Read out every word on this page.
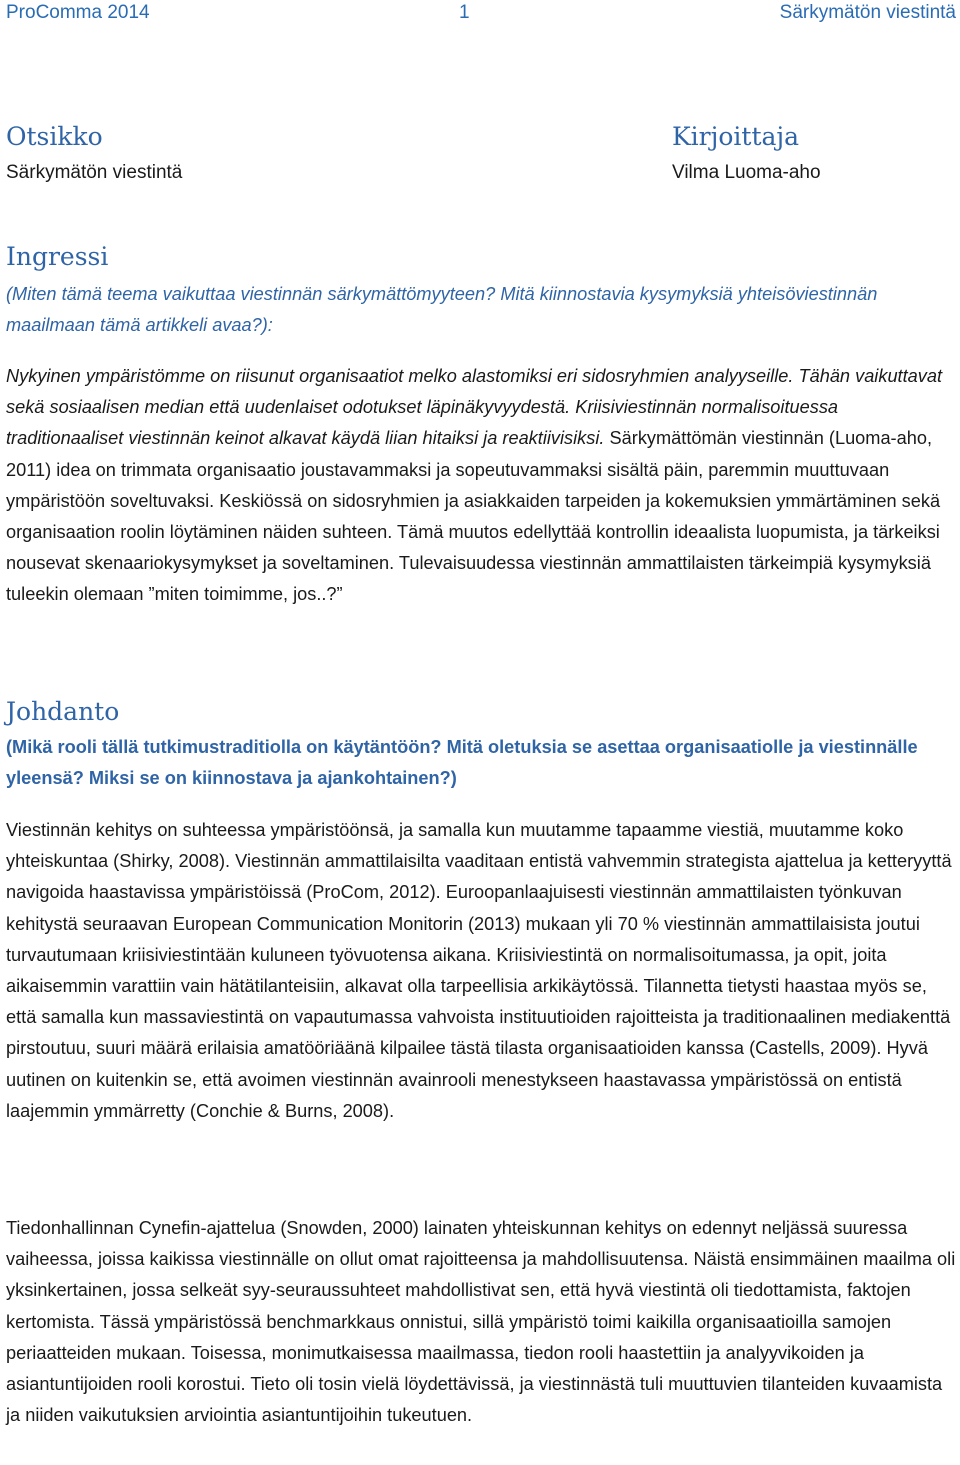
ProComma 2014	1	Särkymätön viestintä
Otsikko
Särkymätön viestintä
Kirjoittaja
Vilma Luoma-aho
Ingressi

(Miten tämä teema vaikuttaa viestinnän särkymättömyyteen? Mitä kiinnostavia kysymyksiä yhteisöviestinnän maailmaan tämä artikkeli avaa?):

Nykyinen ympäristömme on riisunut organisaatiot melko alastomiksi eri sidosryhmien analyyseille. Tähän vaikuttavat sekä sosiaalisen median että uudenlaiset odotukset läpinäkyvyydestä. Kriisiviestinnän normalisoituessa traditionaaliset viestinnän keinot alkavat käydä liian hitaiksi ja reaktiivisiksi. Särkymättömän viestinnän (Luoma-aho, 2011) idea on trimmata organisaatio joustavammaksi ja sopeutuvammaksi sisältä päin, paremmin muuttuvaan ympäristöön soveltuvaksi. Keskiössä on sidosryhmien ja asiakkaiden tarpeiden ja kokemuksien ymmärtäminen sekä organisaation roolin löytäminen näiden suhteen. Tämä muutos edellyttää kontrollin ideaalista luopumista, ja tärkeiksi nousevat skenaariokysymykset ja soveltaminen. Tulevaisuudessa viestinnän ammattilaisten tärkeimpiä kysymyksiä tuleekin olemaan ”miten toimimme, jos..?”

Johdanto

(Mikä rooli tällä tutkimustraditiolla on käytäntöön? Mitä oletuksia se asettaa organisaatiolle ja viestinnälle yleensä? Miksi se on kiinnostava ja ajankohtainen?)

Viestinnän kehitys on suhteessa ympäristöönsä, ja samalla kun muutamme tapaamme viestiä, muutamme koko yhteiskuntaa (Shirky, 2008). Viestinnän ammattilaisilta vaaditaan entistä vahvemmin strategista ajattelua ja ketteryyttä navigoida haastavissa ympäristöissä (ProCom, 2012). Euroopanlaajuisesti viestinnän ammattilaisten työnkuvan kehitystä seuraavan European Communication Monitorin (2013) mukaan yli 70 % viestinnän ammattilaisista joutui turvautumaan kriisiviestintään kuluneen työvuotensa aikana. Kriisiviestintä on normalisoitumassa, ja opit, joita aikaisemmin varattiin vain hätätilanteisiin, alkavat olla tarpeellisia arkikäytössä. Tilannetta tietysti haastaa myös se, että samalla kun massaviestintä on vapautumassa vahvoista instituutioiden rajoitteista ja traditionaalinen mediakenttä pirstoutuu, suuri määrä erilaisia amatööriäänä kilpailee tästä tilasta organisaatioiden kanssa (Castells, 2009). Hyvä uutinen on kuitenkin se, että avoimen viestinnän avainrooli menestykseen haastavassa ympäristössä on entistä laajemmin ymmärretty (Conchie & Burns, 2008).

Tiedonhallinnan Cynefin-ajattelua (Snowden, 2000) lainaten yhteiskunnan kehitys on edennyt neljässä suuressa vaiheessa, joissa kaikissa viestinnälle on ollut omat rajoitteensa ja mahdollisuutensa. Näistä ensimmäinen maailma oli yksinkertainen, jossa selkeät syy-seuraussuhteet mahdollistivat sen, että hyvä viestintä oli tiedottamista, faktojen kertomista. Tässä ympäristössä benchmarkkaus onnistui, sillä ympäristö toimi kaikilla organisaatioilla samojen periaatteiden mukaan. Toisessa, monimutkaisessa maailmassa, tiedon rooli haastettiin ja analyyvikoiden ja asiantuntijoiden rooli korostui. Tieto oli tosin vielä löydettävissä, ja viestinnästä tuli muuttuvien tilanteiden kuvaamista ja niiden vaikutuksien arviointia asiantuntijoihin tukeutuen.
